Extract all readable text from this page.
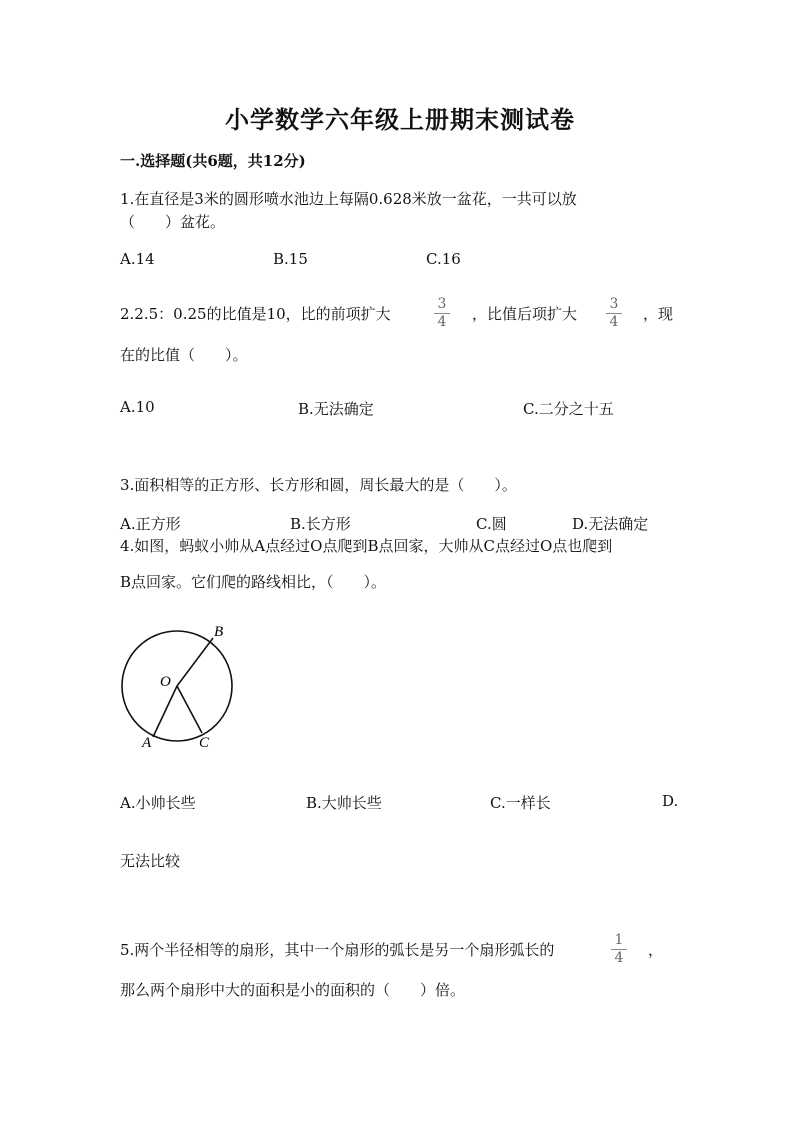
小学数学六年级上册期末测试卷
一.选择题(共6题，共12分)
1.在直径是3米的圆形喷水池边上每隔0.628米放一盆花，一共可以放
（　　）盆花。
A.14	B.15	C.16
2.2.5：0.25的比值是10，比的前项扩大	$\frac{3}{4}$ ，比值后项扩大 $\frac{3}{4}$ ，现
在的比值（　　）。
A.10	B.无法确定	C.二分之十五
3.面积相等的正方形、长方形和圆，周长最大的是（　　）。
A.正方形	B.长方形	C.圆	D.无法确定
4.如图，蚂蚁小帅从A点经过O点爬到B点回家，大帅从C点经过O点也爬到
B点回家。它们爬的路线相比，（　　）。
B
O
A	C
A.小帅长些	B.大帅长些	C.一样长	D.
无法比较
5.两个半径相等的扇形，其中一个扇形的弧长是另一个扇形弧长的	$\frac{1}{4}$ ，
那么两个扇形中大的面积是小的面积的（　　）倍。
